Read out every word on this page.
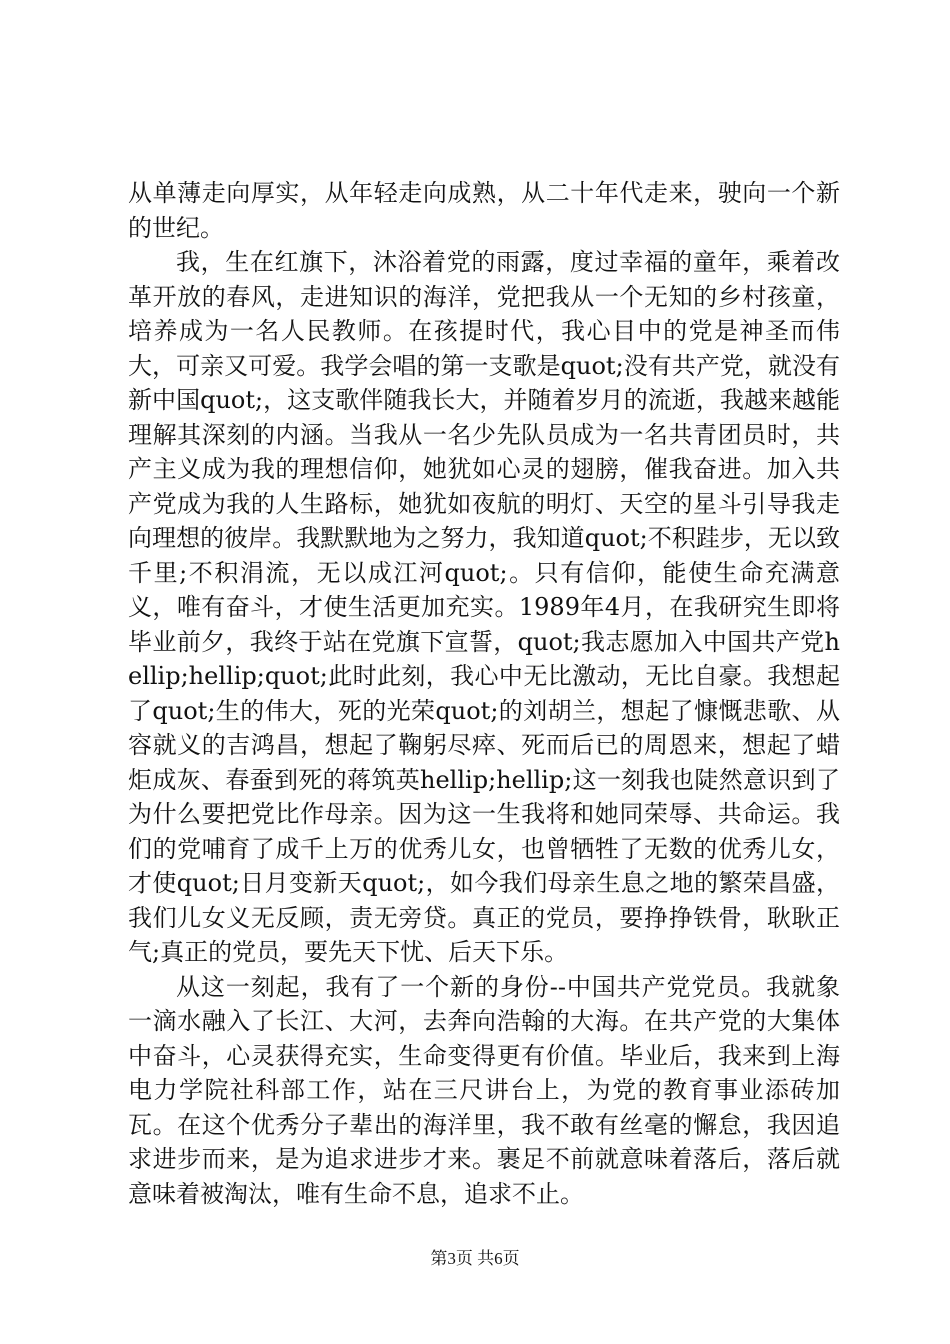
从单薄走向厚实，从年轻走向成熟，从二十年代走来，驶向一个新的世纪。

我，生在红旗下，沐浴着党的雨露，度过幸福的童年，乘着改革开放的春风，走进知识的海洋，党把我从一个无知的乡村孩童，培养成为一名人民教师。在孩提时代，我心目中的党是神圣而伟大，可亲又可爱。我学会唱的第一支歌是quot;没有共产党，就没有新中国quot;，这支歌伴随我长大，并随着岁月的流逝，我越来越能理解其深刻的内涵。当我从一名少先队员成为一名共青团员时，共产主义成为我的理想信仰，她犹如心灵的翅膀，催我奋进。加入共产党成为我的人生路标，她犹如夜航的明灯、天空的星斗引导我走向理想的彼岸。我默默地为之努力，我知道quot;不积跬步，无以致千里;不积涓流，无以成江河quot;。只有信仰，能使生命充满意义，唯有奋斗，才使生活更加充实。1989年4月，在我研究生即将毕业前夕，我终于站在党旗下宣誓，quot;我志愿加入中国共产党hellip;hellip;quot;此时此刻，我心中无比激动，无比自豪。我想起了quot;生的伟大，死的光荣quot;的刘胡兰，想起了慷慨悲歌、从容就义的吉鸿昌，想起了鞠躬尽瘁、死而后已的周恩来，想起了蜡炬成灰、春蚕到死的蒋筑英hellip;hellip;这一刻我也陡然意识到了为什么要把党比作母亲。因为这一生我将和她同荣辱、共命运。我们的党哺育了成千上万的优秀儿女，也曾牺牲了无数的优秀儿女，才使quot;日月变新天quot;，如今我们母亲生息之地的繁荣昌盛，我们儿女义无反顾，责无旁贷。真正的党员，要挣挣铁骨，耿耿正气;真正的党员，要先天下忧、后天下乐。

从这一刻起，我有了一个新的身份--中国共产党党员。我就象一滴水融入了长江、大河，去奔向浩翰的大海。在共产党的大集体中奋斗，心灵获得充实，生命变得更有价值。毕业后，我来到上海电力学院社科部工作，站在三尺讲台上，为党的教育事业添砖加瓦。在这个优秀分子辈出的海洋里，我不敢有丝毫的懈怠，我因追求进步而来，是为追求进步才来。裹足不前就意味着落后，落后就意味着被淘汰，唯有生命不息，追求不止。

第3页 共6页
